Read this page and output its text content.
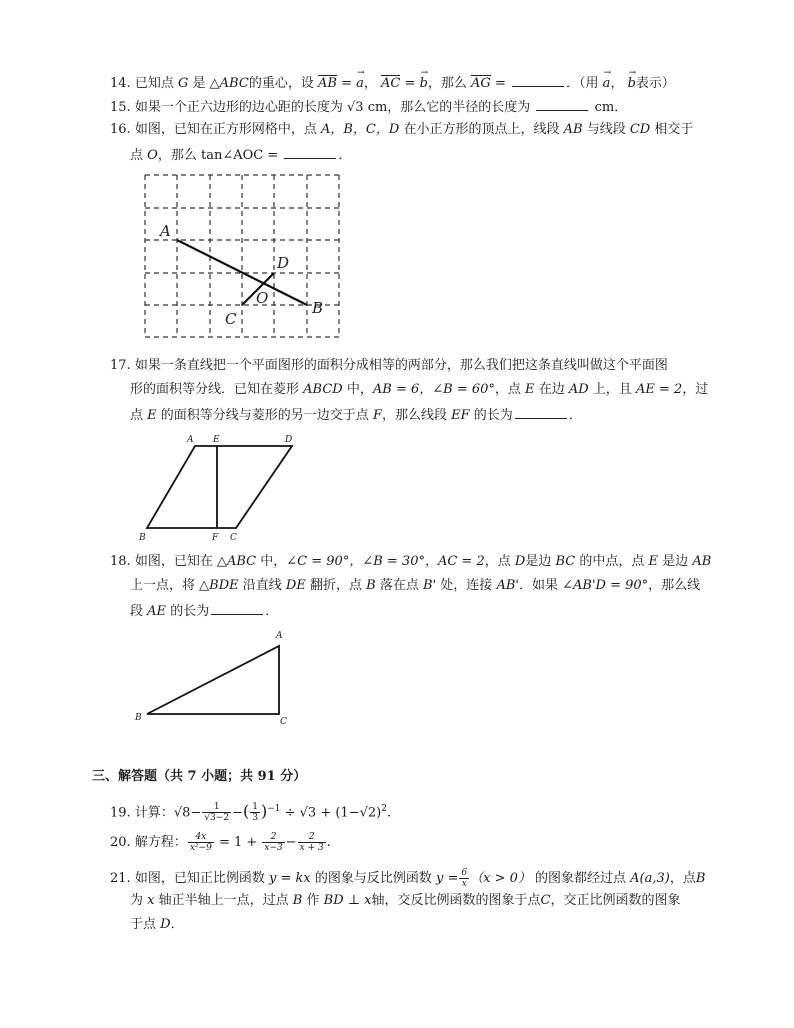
14. 已知点 G 是 △ABC的重心，设 AB = a →， AC = b →，那么 AG =	．（用 a →， b →表示）
15. 如果一个正六边形的边心距的长度为 √3 cm，那么它的半径的长度为	cm．
16. 如图，已知在正方形网格中，点 A，B，C，D 在小正方形的顶点上，线段 AB 与线段 CD 相交于
点 O，那么 tan∠AOC =	．
A
B
C
D
O
17. 如果一条直线把一个平面图形的面积分成相等的两部分，那么我们把这条直线叫做这个平面图
形的面积等分线．已知在菱形 ABCD 中，AB = 6，∠B = 60°，点 E 在边 AD 上，且 AE = 2，过
点 E 的面积等分线与菱形的另一边交于点 F，那么线段 EF 的长为	．
A E	D
B	F C
18. 如图，已知在 △ABC 中，∠C = 90°，∠B = 30°，AC = 2，点 D是边 BC 的中点，点 E 是边 AB
上一点，将 △BDE 沿直线 DE 翻折，点 B 落在点 B' 处，连接 AB'．如果 ∠AB'D = 90°，那么线
段 AE 的长为	．
A
B	C
三、解答题（共 7 小题；共 91 分）
19. 计算：$√8- \frac{1}{√3-2}$ −( $\frac{1}{3} )^{-1} \div √3 + (1-√2)^2$.
20. 解方程： $\frac{4x}{\text{x²−9}} = 1 + \frac{2}{x-3} - \frac{2}{x + 3}$ .
21. 如图，已知正比例函数 y = kx 的图象与反比例函数 $y = \frac{6}{x} (x > 0)$ 的图象都经过点 A(a,3)，点B
为 x 轴正半轴上一点，过点 B 作 BD ⊥ x轴，交反比例函数的图象于点C，交正比例函数的图象
于点 D．
